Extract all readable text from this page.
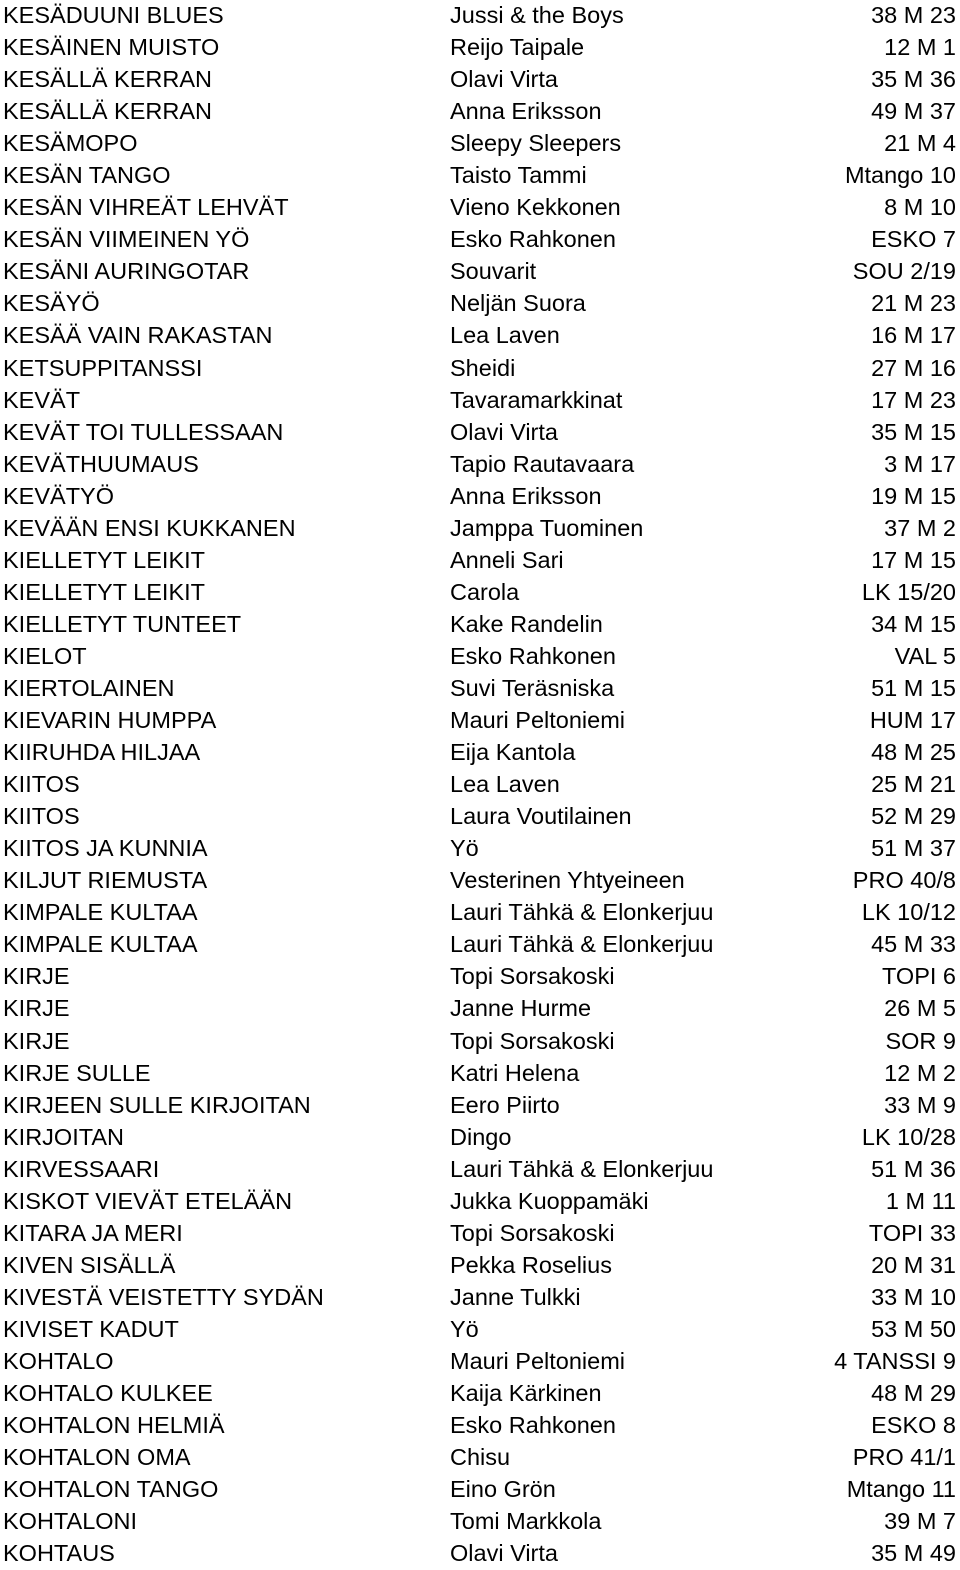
KESÄDUUNI BLUES	Jussi & the Boys	38 M 23
KESÄINEN MUISTO	Reijo Taipale	12 M 1
KESÄLLÄ KERRAN	Olavi Virta	35 M 36
KESÄLLÄ KERRAN	Anna Eriksson	49 M 37
KESÄMOPO	Sleepy Sleepers	21 M 4
KESÄN TANGO	Taisto Tammi	Mtango 10
KESÄN VIHREÄT LEHVÄT	Vieno Kekkonen	8 M 10
KESÄN VIIMEINEN YÖ	Esko Rahkonen	ESKO 7
KESÄNI AURINGOTAR	Souvarit	SOU 2/19
KESÄYÖ	Neljän Suora	21 M 23
KESÄÄ VAIN RAKASTAN	Lea Laven	16 M 17
KETSUPPITANSSI	Sheidi	27 M 16
KEVÄT	Tavaramarkkinat	17 M 23
KEVÄT TOI TULLESSAAN	Olavi Virta	35 M 15
KEVÄTHUUMAUS	Tapio Rautavaara	3 M 17
KEVÄTYÖ	Anna Eriksson	19 M 15
KEVÄÄN ENSI KUKKANEN	Jamppa Tuominen	37 M 2
KIELLETYT LEIKIT	Anneli Sari	17 M 15
KIELLETYT LEIKIT	Carola	LK 15/20
KIELLETYT TUNTEET	Kake Randelin	34 M 15
KIELOT	Esko Rahkonen	VAL 5
KIERTOLAINEN	Suvi Teräsniska	51 M 15
KIEVARIN HUMPPA	Mauri Peltoniemi	HUM 17
KIIRUHDA HILJAA	Eija Kantola	48 M 25
KIITOS	Lea Laven	25 M 21
KIITOS	Laura Voutilainen	52 M 29
KIITOS JA KUNNIA	Yö	51 M 37
KILJUT RIEMUSTA	Vesterinen Yhtyeineen	PRO 40/8
KIMPALE KULTAA	Lauri Tähkä & Elonkerjuu	LK 10/12
KIMPALE KULTAA	Lauri Tähkä & Elonkerjuu	45 M 33
KIRJE	Topi Sorsakoski	TOPI 6
KIRJE	Janne Hurme	26 M 5
KIRJE	Topi Sorsakoski	SOR 9
KIRJE SULLE	Katri Helena	12 M 2
KIRJEEN SULLE KIRJOITAN	Eero Piirto	33 M 9
KIRJOITAN	Dingo	LK 10/28
KIRVESSAARI	Lauri Tähkä & Elonkerjuu	51 M 36
KISKOT VIEVÄT ETELÄÄN	Jukka Kuoppamäki	1 M 11
KITARA JA MERI	Topi Sorsakoski	TOPI 33
KIVEN SISÄLLÄ	Pekka Roselius	20 M 31
KIVESTÄ VEISTETTY SYDÄN	Janne Tulkki	33 M 10
KIVISET KADUT	Yö	53 M 50
KOHTALO	Mauri Peltoniemi	4 TANSSI 9
KOHTALO KULKEE	Kaija Kärkinen	48 M 29
KOHTALON HELMIÄ	Esko Rahkonen	ESKO 8
KOHTALON OMA	Chisu	PRO 41/1
KOHTALON TANGO	Eino Grön	Mtango 11
KOHTALONI	Tomi Markkola	39 M 7
KOHTAUS	Olavi Virta	35 M 49
